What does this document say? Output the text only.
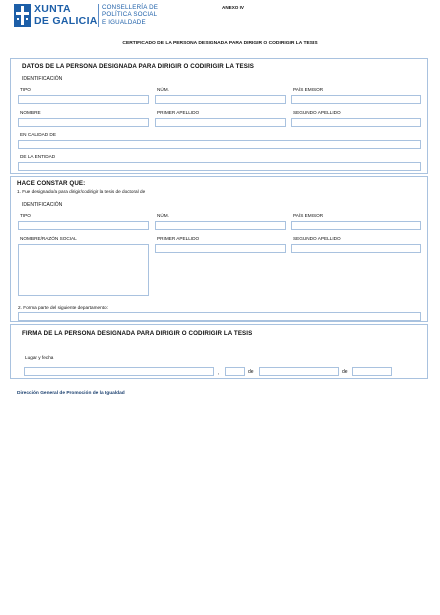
XUNTA
DE GALICIA
CONSELLERÍA DE
POLÍTICA SOCIAL
E IGUALDADE
ANEXO IV
CERTIFICADO DE LA PERSONA DESIGNADA PARA DIRIGIR O CODIRIGIR LA TESIS
DATOS DE LA PERSONA DESIGNADA PARA DIRIGIR O CODIRIGIR LA TESIS
IDENTIFICACIÓN
TIPO	NÚM.	PAÍS EMISOR
NOMBRE	PRIMER APELLIDO	SEGUNDO APELLIDO
EN CALIDAD DE
DE LA ENTIDAD
HACE CONSTAR QUE:
1. Fue designado/a para dirigir/codirigir la tesis de doctoral de
IDENTIFICACIÓN
TIPO	NÚM.	PAÍS EMISOR
NOMBRE/RAZÓN SOCIAL	PRIMER APELLIDO	SEGUNDO APELLIDO
2. Forma parte del siguiente departamento:
FIRMA DE LA PERSONA DESIGNADA PARA DIRIGIR O CODIRIGIR LA TESIS
Lugar y fecha
,	de	de
Dirección General de Promoción de la Igualdad
